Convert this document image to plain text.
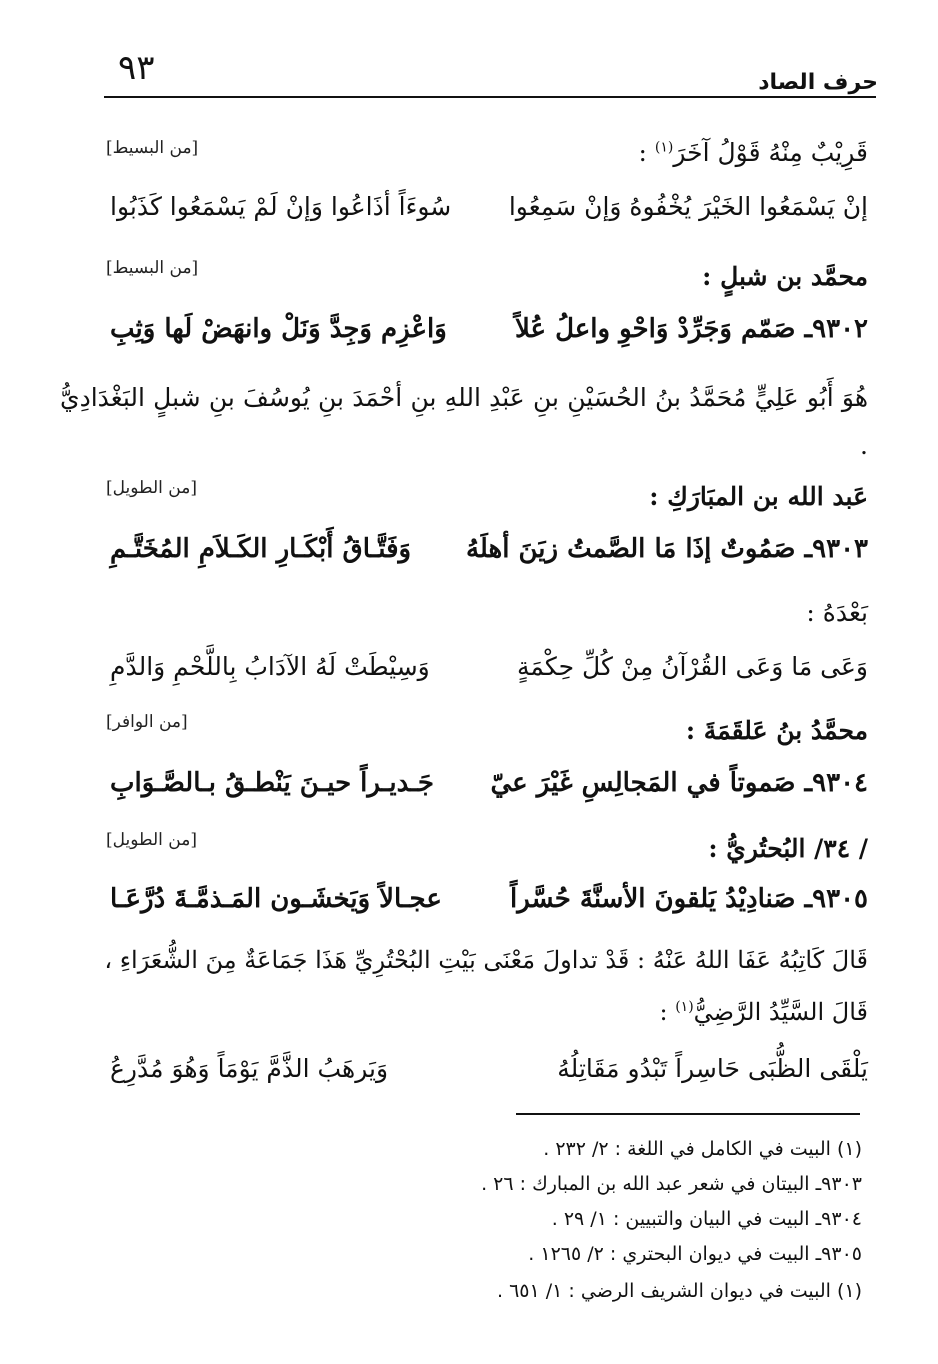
٩٣	حرف الصاد
قَرِيْبٌ مِنْهُ قَوْلُ آخَرَ$^{(١)}$ :
[من البسيط]
إنْ يَسْمَعُوا الخَيْرَ يُخْفُوهُ وَإنْ سَمِعُوا
سُوءَاً أذَاعُوا وَإنْ لَمْ يَسْمَعُوا كَذَبُوا
محمَّد بن شبلٍ :
[من البسيط]
٩٣٠٢ـ صَمّم وَجَرِّدْ وَاحْوِ واعلُ عُلاً
وَاعْزِم وَجِدَّ وَنَلْ وانهَضْ لَها وَثِبِ
هُوَ أَبُو عَلِيٍّ مُحَمَّدُ بنُ الحُسَيْنِ بنِ عَبْدِ اللهِ بنِ أحْمَدَ بنِ يُوسُفَ بنِ شبلٍ البَغْدَادِيُّ .
عَبد الله بن المبَارَكِ :
[من الطويل]
٩٣٠٣ـ صَمُوتٌ إذَا مَا الصَّمتُ زيَنَ أهلَهُ
وَفَتَّـاقُ أَبْكَـارِ الكَـلاَمِ المُخَتَّـمِ
بَعْدَهُ :
وَعَى مَا وَعَى القُرْآنُ مِنْ كُلِّ حِكْمَةٍ
وَسِيْطَتْ لَهُ الآدَابُ بِاللَّحْمِ وَالدَّمِ
محمَّدُ بنُ عَلقَمَةَ :
[من الوافر]
٩٣٠٤ـ صَموتاً في المَجالِسِ غَيْرَ عيّ
جَـديـراً حيـنَ يَنْطـقُ بـالصَّـوَابِ
/ ٣٤/ البُحتُريُّ :
[من الطويل]
٩٣٠٥ـ صَنادِيْدُ يَلقونَ الأسنَّةَ حُسَّراً
عجـالاً وَيَخشَـون المَـذمَّـةَ دُرَّعَـا
قَالَ كَاتِبُهُ عَفَا اللهُ عَنْهُ : قَدْ تداولَ مَعْنَى بَيْتِ البُحْتُرِيِّ هَذَا جَمَاعَةٌ مِنَ الشُّعَرَاءِ ،
قَالَ السَّيِّدُ الرَّضِيُّ$^{(١)}$ :
يَلْقَى الظُّبَى حَاسِراً تَبْدُو مَقَاتِلُهُ
وَيَرهَبُ الذَّمَّ يَوْمَاً وَهُوَ مُدَّرِعُ
(١) البيت في الكامل في اللغة : ٢/ ٢٣٢ .
٩٣٠٣ـ البيتان في شعر عبد الله بن المبارك : ٢٦ .
٩٣٠٤ـ البيت في البيان والتبيين : ١/ ٢٩ .
٩٣٠٥ـ البيت في ديوان البحتري : ٢/ ١٢٦٥ .
(١) البيت في ديوان الشريف الرضي : ١/ ٦٥١ .
